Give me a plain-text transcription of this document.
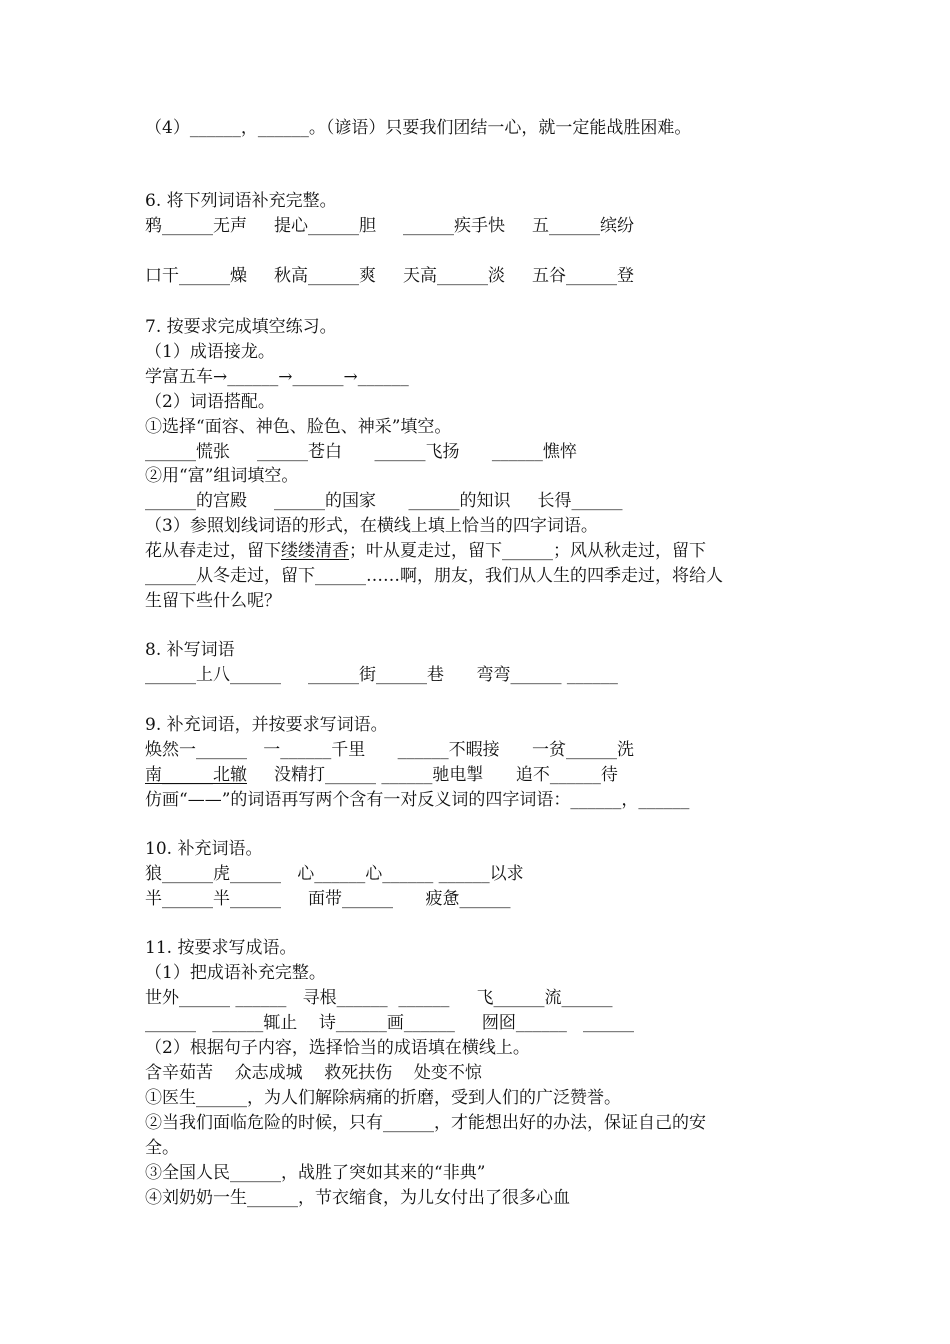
（4）______，______。（谚语）只要我们团结一心，就一定能战胜困难。
6. 将下列词语补充完整。
鸦______无声     提心______胆     ______疾手快     五______缤纷
口干______燥     秋高______爽     天高______淡     五谷______登
7. 按要求完成填空练习。
（1）成语接龙。
学富五车→______→______→______
（2）词语搭配。
①选择“面容、神色、脸色、神采”填空。
______慌张     ______苍白      ______飞扬      ______憔悴
②用“富”组词填空。
______的宫殿     ______的国家      ______的知识     长得______
（3）参照划线词语的形式，在横线上填上恰当的四字词语。
花从春走过，留下缕缕清香；叶从夏走过，留下______；风从秋走过，留下
______从冬走过，留下______……啊，朋友，我们从人生的四季走过，将给人
生留下些什么呢？
8. 补写词语
______上八______     ______街______巷      弯弯______ ______
9. 补充词语，并按要求写词语。
焕然一______   一______千里      ______不暇接      一贫______洗
南______北辙     没精打______ ______驰电掣      追不______待
仿画“——”的词语再写两个含有一对反义词的四字词语：______，______
10. 补充词语。
狼______虎______   心______心______ ______以求
半______半______     面带______      疲惫______
11. 按要求写成语。
（1）把成语补充完整。
世外______ ______   寻根______  ______     飞______流______
______   ______辄止    诗______画______     囫囵______   ______
（2）根据句子内容，选择恰当的成语填在横线上。
含辛茹苦    众志成城    救死扶伤    处变不惊
①医生______，为人们解除病痛的折磨，受到人们的广泛赞誉。
②当我们面临危险的时候，只有______，才能想出好的办法，保证自己的安
全。
③全国人民______，战胜了突如其来的“非典”
④刘奶奶一生______，节衣缩食，为儿女付出了很多心血
